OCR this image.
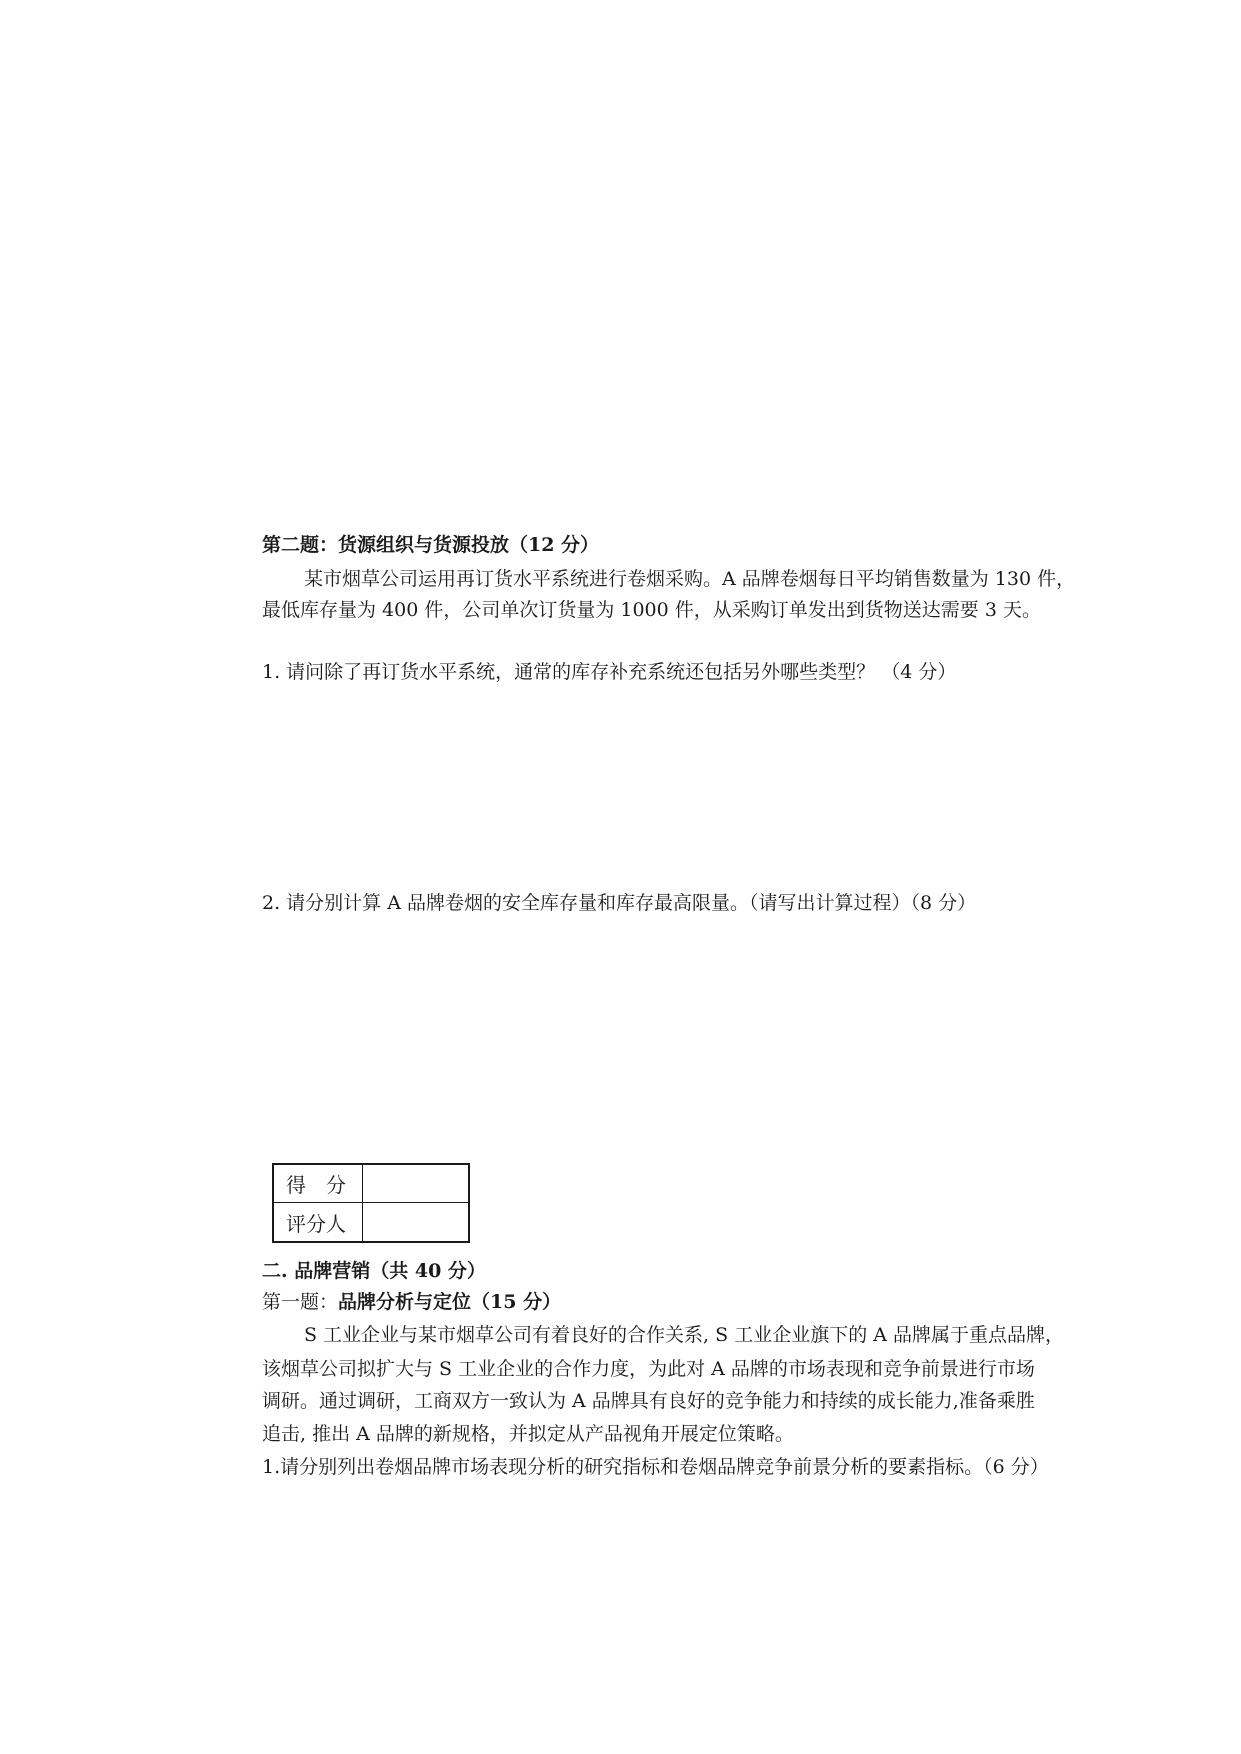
第二题：货源组织与货源投放（12 分）
某市烟草公司运用再订货水平系统进行卷烟采购。A 品牌卷烟每日平均销售数量为 130 件，
最低库存量为 400 件，公司单次订货量为 1000 件，从采购订单发出到货物送达需要 3 天。
1. 请问除了再订货水平系统，通常的库存补充系统还包括另外哪些类型？ （4 分）
2. 请分别计算 A 品牌卷烟的安全库存量和库存最高限量。（请写出计算过程）（8 分）
得　分
评分人
二. 品牌营销（共 40 分）
第一题：品牌分析与定位（15 分）
S 工业企业与某市烟草公司有着良好的合作关系, S 工业企业旗下的 A 品牌属于重点品牌，
该烟草公司拟扩大与 S 工业企业的合作力度，为此对 A 品牌的市场表现和竞争前景进行市场
调研。通过调研，工商双方一致认为 A 品牌具有良好的竞争能力和持续的成长能力,准备乘胜
追击, 推出 A 品牌的新规格，并拟定从产品视角开展定位策略。
1.请分别列出卷烟品牌市场表现分析的研究指标和卷烟品牌竞争前景分析的要素指标。（6 分）
